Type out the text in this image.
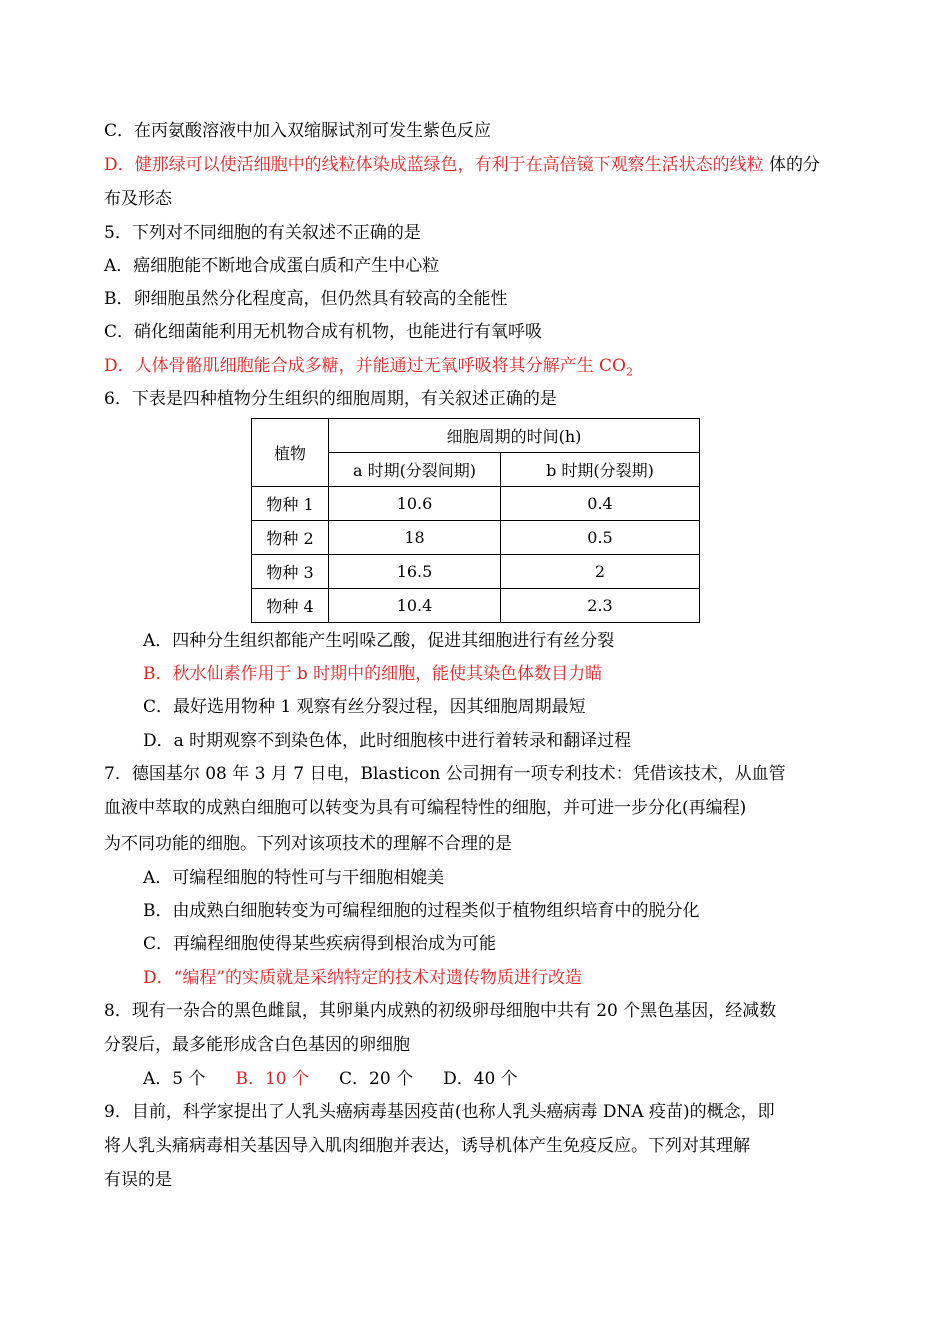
C．在丙氨酸溶液中加入双缩脲试剂可发生紫色反应
D．健那绿可以使活细胞中的线粒体染成蓝绿色，有利于在高倍镜下观察生活状态的线粒 体的分
布及形态
5．下列对不同细胞的有关叙述不正确的是
A．癌细胞能不断地合成蛋白质和产生中心粒
B．卵细胞虽然分化程度高，但仍然具有较高的全能性
C．硝化细菌能利用无机物合成有机物，也能进行有氧呼吸
D．人体骨骼肌细胞能合成多糖，并能通过无氧呼吸将其分解产生 $CO_2$
6．下表是四种植物分生组织的细胞周期，有关叙述正确的是
植物	细胞周期的时间(h)	
	a 时期(分裂间期)	b 时期(分裂期)
物种 1	10.6	0.4
物种 2	18	0.5
物种 3	16.5	2
物种 4	10.4	2.3
A．四种分生组织都能产生吲哚乙酸，促进其细胞进行有丝分裂
B．秋水仙素作用于 b 时期中的细胞，能使其染色体数目力瞄
C．最好选用物种 1 观察有丝分裂过程，因其细胞周期最短
D．a 时期观察不到染色体，此时细胞核中进行着转录和翻译过程
7．德国基尔 08 年 3 月 7 日电，Blasticon 公司拥有一项专利技术：凭借该技术，从血管
血液中萃取的成熟白细胞可以转变为具有可编程特性的细胞，并可进一步分化(再编程)
为不同功能的细胞。下列对该项技术的理解不合理的是
A．可编程细胞的特性可与干细胞相媲美
B．由成熟白细胞转变为可编程细胞的过程类似于植物组织培育中的脱分化
C．再编程细胞使得某些疾病得到根治成为可能
D．“编程”的实质就是采纳特定的技术对遗传物质进行改造
8．现有一杂合的黑色雌鼠，其卵巢内成熟的初级卵母细胞中共有 20 个黑色基因，经减数
分裂后，最多能形成含白色基因的卵细胞
A．5 个 B．10 个 C．20 个 D．40 个
9．目前，科学家提出了人乳头癌病毒基因疫苗(也称人乳头癌病毒 DNA 疫苗)的概念，即
将人乳头痛病毒相关基因导入肌肉细胞并表达，诱导机体产生免疫反应。下列对其理解
有误的是
